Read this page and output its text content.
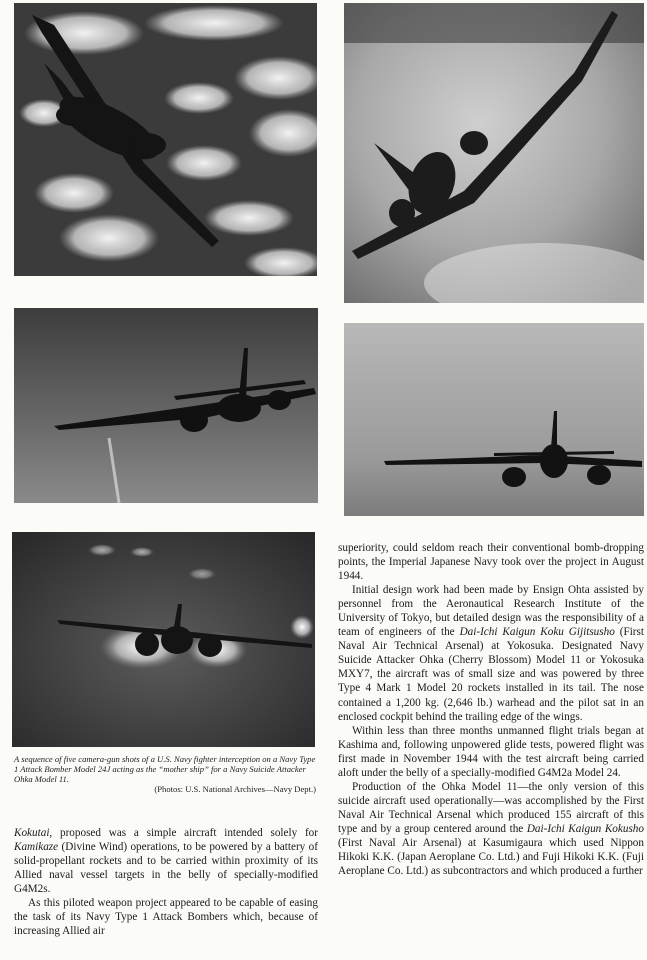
A sequence of five camera-gun shots of a U.S. Navy fighter interception on a Navy Type 1 Attack Bomber Model 24J acting as the “mother ship” for a Navy Suicide Attacker Ohka Model 11.
(Photos: U.S. National Archives—Navy Dept.)

Kokutai, proposed was a simple aircraft intended solely for Kamikaze (Divine Wind) operations, to be powered by a battery of solid-propellant rockets and to be carried within proximity of its Allied naval vessel targets in the belly of specially-modified G4M2s.

As this piloted weapon project appeared to be capable of easing the task of its Navy Type 1 Attack Bombers which, because of increasing Allied air

superiority, could seldom reach their conventional bomb-dropping points, the Imperial Japanese Navy took over the project in August 1944.

Initial design work had been made by Ensign Ohta assisted by personnel from the Aeronautical Research Institute of the University of Tokyo, but detailed design was the responsibility of a team of engineers of the Dai-Ichi Kaigun Koku Gijitsusho (First Naval Air Technical Arsenal) at Yokosuka. Designated Navy Suicide Attacker Ohka (Cherry Blossom) Model 11 or Yokosuka MXY7, the aircraft was of small size and was powered by three Type 4 Mark 1 Model 20 rockets installed in its tail. The nose contained a 1,200 kg. (2,646 lb.) warhead and the pilot sat in an enclosed cockpit behind the trailing edge of the wings.

Within less than three months unmanned flight trials began at Kashima and, following unpowered glide tests, powered flight was first made in November 1944 with the test aircraft being carried aloft under the belly of a specially-modified G4M2a Model 24.

Production of the Ohka Model 11—the only version of this suicide aircraft used operationally—was accomplished by the First Naval Air Technical Arsenal which produced 155 aircraft of this type and by a group centered around the Dai-Ichi Kaigun Kokusho (First Naval Air Arsenal) at Kasumigaura which used Nippon Hikoki K.K. (Japan Aeroplane Co. Ltd.) and Fuji Hikoki K.K. (Fuji Aeroplane Co. Ltd.) as subcontractors and which produced a further
